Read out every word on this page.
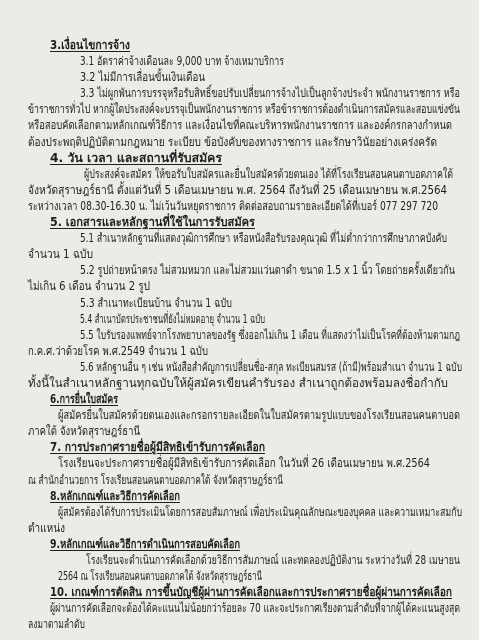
3.เงื่อนไขการจ้าง
3.1 อัตราค่าจ้างเดือนละ 9,000 บาท จ้างเหมาบริการ
3.2 ไม่มีการเลื่อนขั้นเงินเดือน
3.3 ไม่ผูกพันการบรรจุหรือรับสิทธิ์ขอปรับเปลี่ยนการจ้างไปเป็นลูกจ้างประจำ พนักงานราชการ หรือ
ข้าราชการทั่วไป หากผู้ใดประสงค์จะบรรจุเป็นพนักงานราชการ หรือข้าราชการต้องดำเนินการสมัครและสอบแข่งขัน
หรือสอบคัดเลือกตามหลักเกณฑ์วิธีการ และเงื่อนไขที่คณะบริหารพนักงานราชการ และองค์กรกลางกำหนด
ต้องประพฤติปฏิบัติตามกฎหมาย ระเบียบ ข้อบังคับของทางราชการ และรักษาวินัยอย่างเคร่งครัด
4. วัน เวลา และสถานที่รับสมัคร
ผู้ประสงค์จะสมัคร ให้ขอรับใบสมัครและยื่นใบสมัครด้วยตนเอง ได้ที่โรงเรียนสอนคนตาบอดภาคใต้
จังหวัดสุราษฎร์ธานี ตั้งแต่วันที่ 5 เดือนเมษายน พ.ศ. 2564 ถึงวันที่ 25 เดือนเมษายน พ.ศ.2564
ระหว่างเวลา 08.30-16.30 น. ไม่เว้นวันหยุดราชการ ติดต่อสอบถามรายละเอียดได้ที่เบอร์ 077 297 720
5. เอกสารและหลักฐานที่ใช้ในการรับสมัคร
5.1 สำเนาหลักฐานที่แสดงวุฒิการศึกษา หรือหนังสือรับรองคุณวุฒิ ที่ไม่ต่ำกว่าการศึกษาภาคบังคับ
จำนวน 1 ฉบับ
5.2 รูปถ่ายหน้าตรง ไม่สวมหมวก และไม่สวมแว่นตาดำ ขนาด 1.5 x 1 นิ้ว โดยถ่ายครั้งเดียวกัน
ไม่เกิน 6 เดือน จำนวน 2 รูป
5.3 สำเนาทะเบียนบ้าน จำนวน 1 ฉบับ
5.4 สำเนาบัตรประชาชนที่ยังไม่หมดอายุ จำนวน 1 ฉบับ
5.5 ใบรับรองแพทย์จากโรงพยาบาลของรัฐ ซึ่งออกไม่เกิน 1 เดือน ที่แสดงว่าไม่เป็นโรคที่ต้องห้ามตามกฎ
ก.ค.ศ.ว่าด้วยโรค พ.ศ.2549 จำนวน 1 ฉบับ
5.6 หลักฐานอื่น ๆ เช่น หนังสือสำคัญการเปลี่ยนชื่อ-สกุล ทะเบียนสมรส (ถ้ามี)พร้อมสำเนา จำนวน 1 ฉบับ
ทั้งนี้ในสำเนาหลักฐานทุกฉบับให้ผู้สมัครเขียนคำรับรอง สำเนาถูกต้องพร้อมลงชื่อกำกับ
6.การยื่นใบสมัคร
ผู้สมัครยื่นใบสมัครด้วยตนเองและกรอกรายละเอียดในใบสมัครตามรูปแบบของโรงเรียนสอนคนตาบอด
ภาคใต้ จังหวัดสุราษฎร์ธานี
7. การประกาศรายชื่อผู้มีสิทธิเข้ารับการคัดเลือก
โรงเรียนจะประกาศรายชื่อผู้มีสิทธิเข้ารับการคัดเลือก ในวันที่ 26 เดือนเมษายน พ.ศ.2564
ณ สำนักอำนวยการ โรงเรียนสอนคนตาบอดภาคใต้ จังหวัดสุราษฎร์ธานี
8.หลักเกณฑ์และวิธีการคัดเลือก
ผู้สมัครต้องได้รับการประเมินโดยการสอบสัมภาษณ์ เพื่อประเมินคุณลักษณะของบุคคล และความเหมาะสมกับ
ตำแหน่ง
9.หลักเกณฑ์และวิธีการดำเนินการสอบคัดเลือก
โรงเรียนจะดำเนินการคัดเลือกด้วยวิธีการสัมภาษณ์ และทดลองปฏิบัติงาน ระหว่างวันที่ 28 เมษายน
2564 ณ โรงเรียนสอนคนตาบอดภาคใต้ จังหวัดสุราษฎร์ธานี
10. เกณฑ์การตัดสิน การขึ้นบัญชีผู้ผ่านการคัดเลือกและการประกาศรายชื่อผู้ผ่านการคัดเลือก
ผู้ผ่านการคัดเลือกจะต้องได้คะแนนไม่น้อยกว่าร้อยละ 70 และจะประกาศเรียงตามลำดับที่จากผู้ได้คะแนนสูงสุด
ลงมาตามลำดับ
